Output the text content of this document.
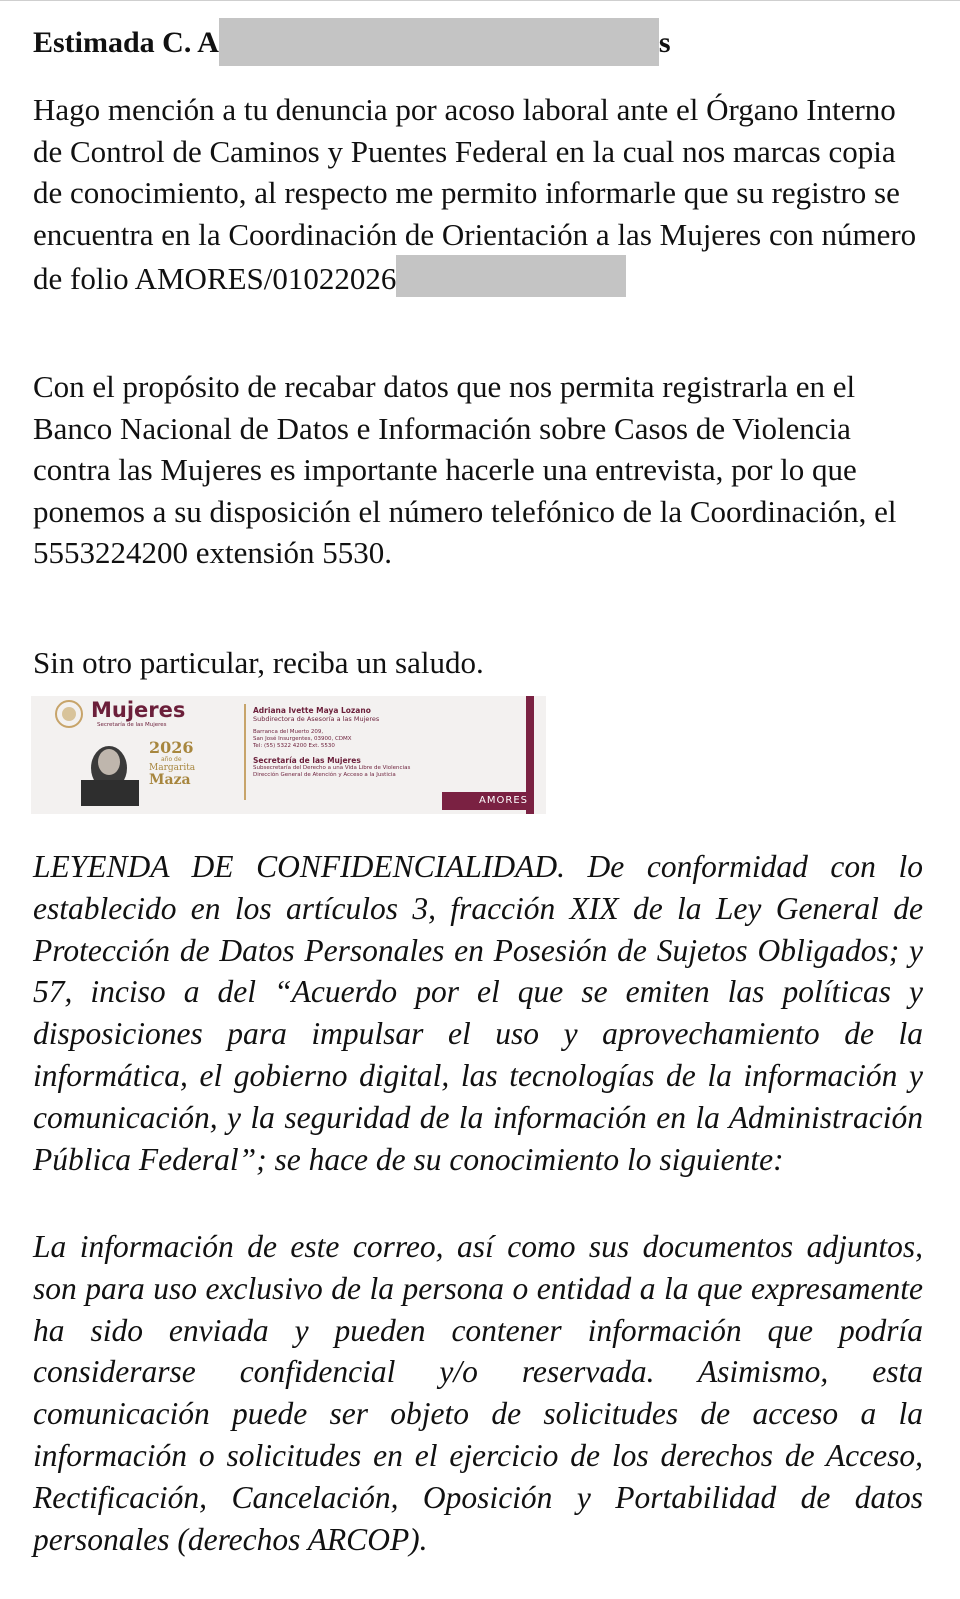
Estimada C. A	s

Hago mención a tu denuncia por acoso laboral ante el Órgano Interno de Control de Caminos y Puentes Federal en la cual nos marcas copia de conocimiento, al respecto me permito informarle que su registro se encuentra en la Coordinación de Orientación a las Mujeres con número de folio AMORES/01022026

Con el propósito de recabar datos que nos permita registrarla en el Banco Nacional de Datos e Información sobre Casos de Violencia contra las Mujeres es importante hacerle una entrevista, por lo que ponemos a su disposición el número telefónico de la Coordinación, el 5553224200 extensión 5530.

Sin otro particular, reciba un saludo.

Mujeres
Secretaría de las Mujeres
2026
año de
Margarita
Maza
Adriana Ivette Maya Lozano
Subdirectora de Asesoría a las Mujeres
Barranca del Muerto 209,
San José Insurgentes, 03900, CDMX
Tel: (55) 5322 4200 Ext. 5530
Secretaría de las Mujeres
Subsecretaría del Derecho a una Vida Libre de Violencias
Dirección General de Atención y Acceso a la Justicia
AMORES

LEYENDA DE CONFIDENCIALIDAD. De conformidad con lo establecido en los artículos 3, fracción XIX de la Ley General de Protección de Datos Personales en Posesión de Sujetos Obligados; y 57, inciso a del “Acuerdo por el que se emiten las políticas y disposiciones para impulsar el uso y aprovechamiento de la informática, el gobierno digital, las tecnologías de la información y comunicación, y la seguridad de la información en la Administración Pública Federal”; se hace de su conocimiento lo siguiente:

La información de este correo, así como sus documentos adjuntos, son para uso exclusivo de la persona o entidad a la que expresamente ha sido enviada y pueden contener información que podría considerarse confidencial y/o reservada. Asimismo, esta comunicación puede ser objeto de solicitudes de acceso a la información o solicitudes en el ejercicio de los derechos de Acceso, Rectificación, Cancelación, Oposición y Portabilidad de datos personales (derechos ARCOP).
